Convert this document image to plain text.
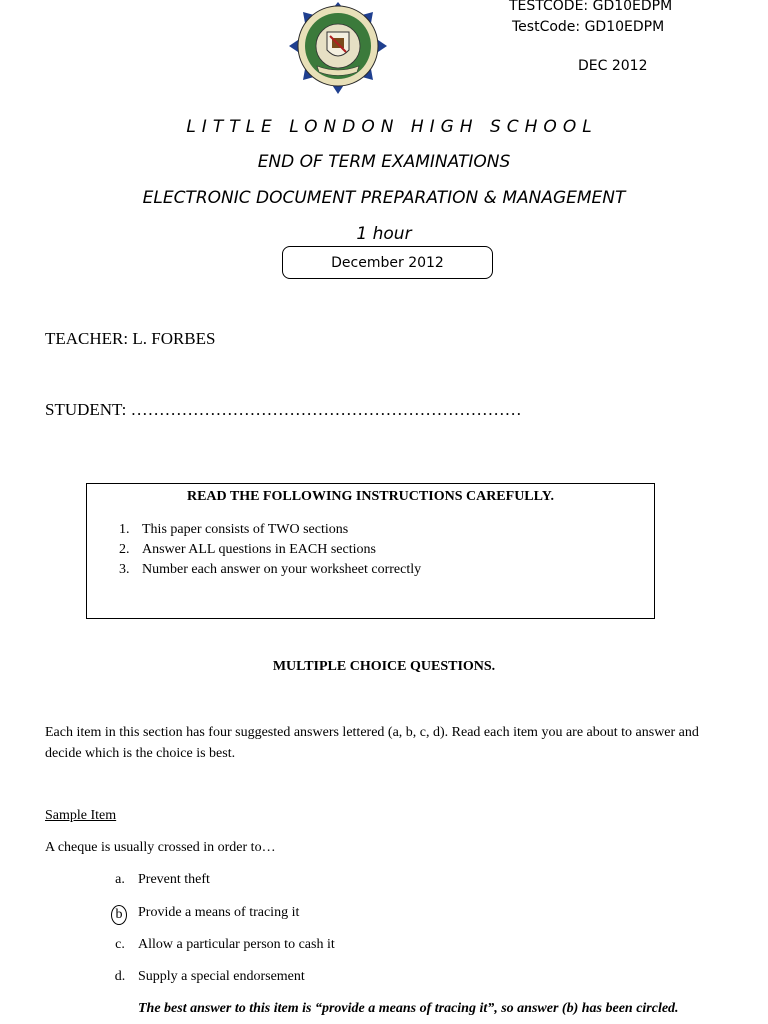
TESTCODE: GD10EDPM
TestCode: GD10EDPM
DEC 2012
LITTLE LONDON HIGH SCHOOL
END OF TERM EXAMINATIONS
ELECTRONIC DOCUMENT PREPARATION & MANAGEMENT
1 hour
December 2012
TEACHER: L. FORBES
STUDENT: ……………………………………………………………
READ THE FOLLOWING INSTRUCTIONS CAREFULLY.
1. This paper consists of TWO sections
2. Answer ALL questions in EACH sections
3. Number each answer on your worksheet correctly
MULTIPLE CHOICE QUESTIONS.
Each item in this section has four suggested answers lettered (a, b, c, d). Read each item you are about to answer and decide which is the choice is best.
Sample Item
A cheque is usually crossed in order to…
a. Prevent theft
b	Provide a means of tracing it
c. Allow a particular person to cash it
d. Supply a special endorsement
The best answer to this item is “provide a means of tracing it”, so answer (b) has been circled.
